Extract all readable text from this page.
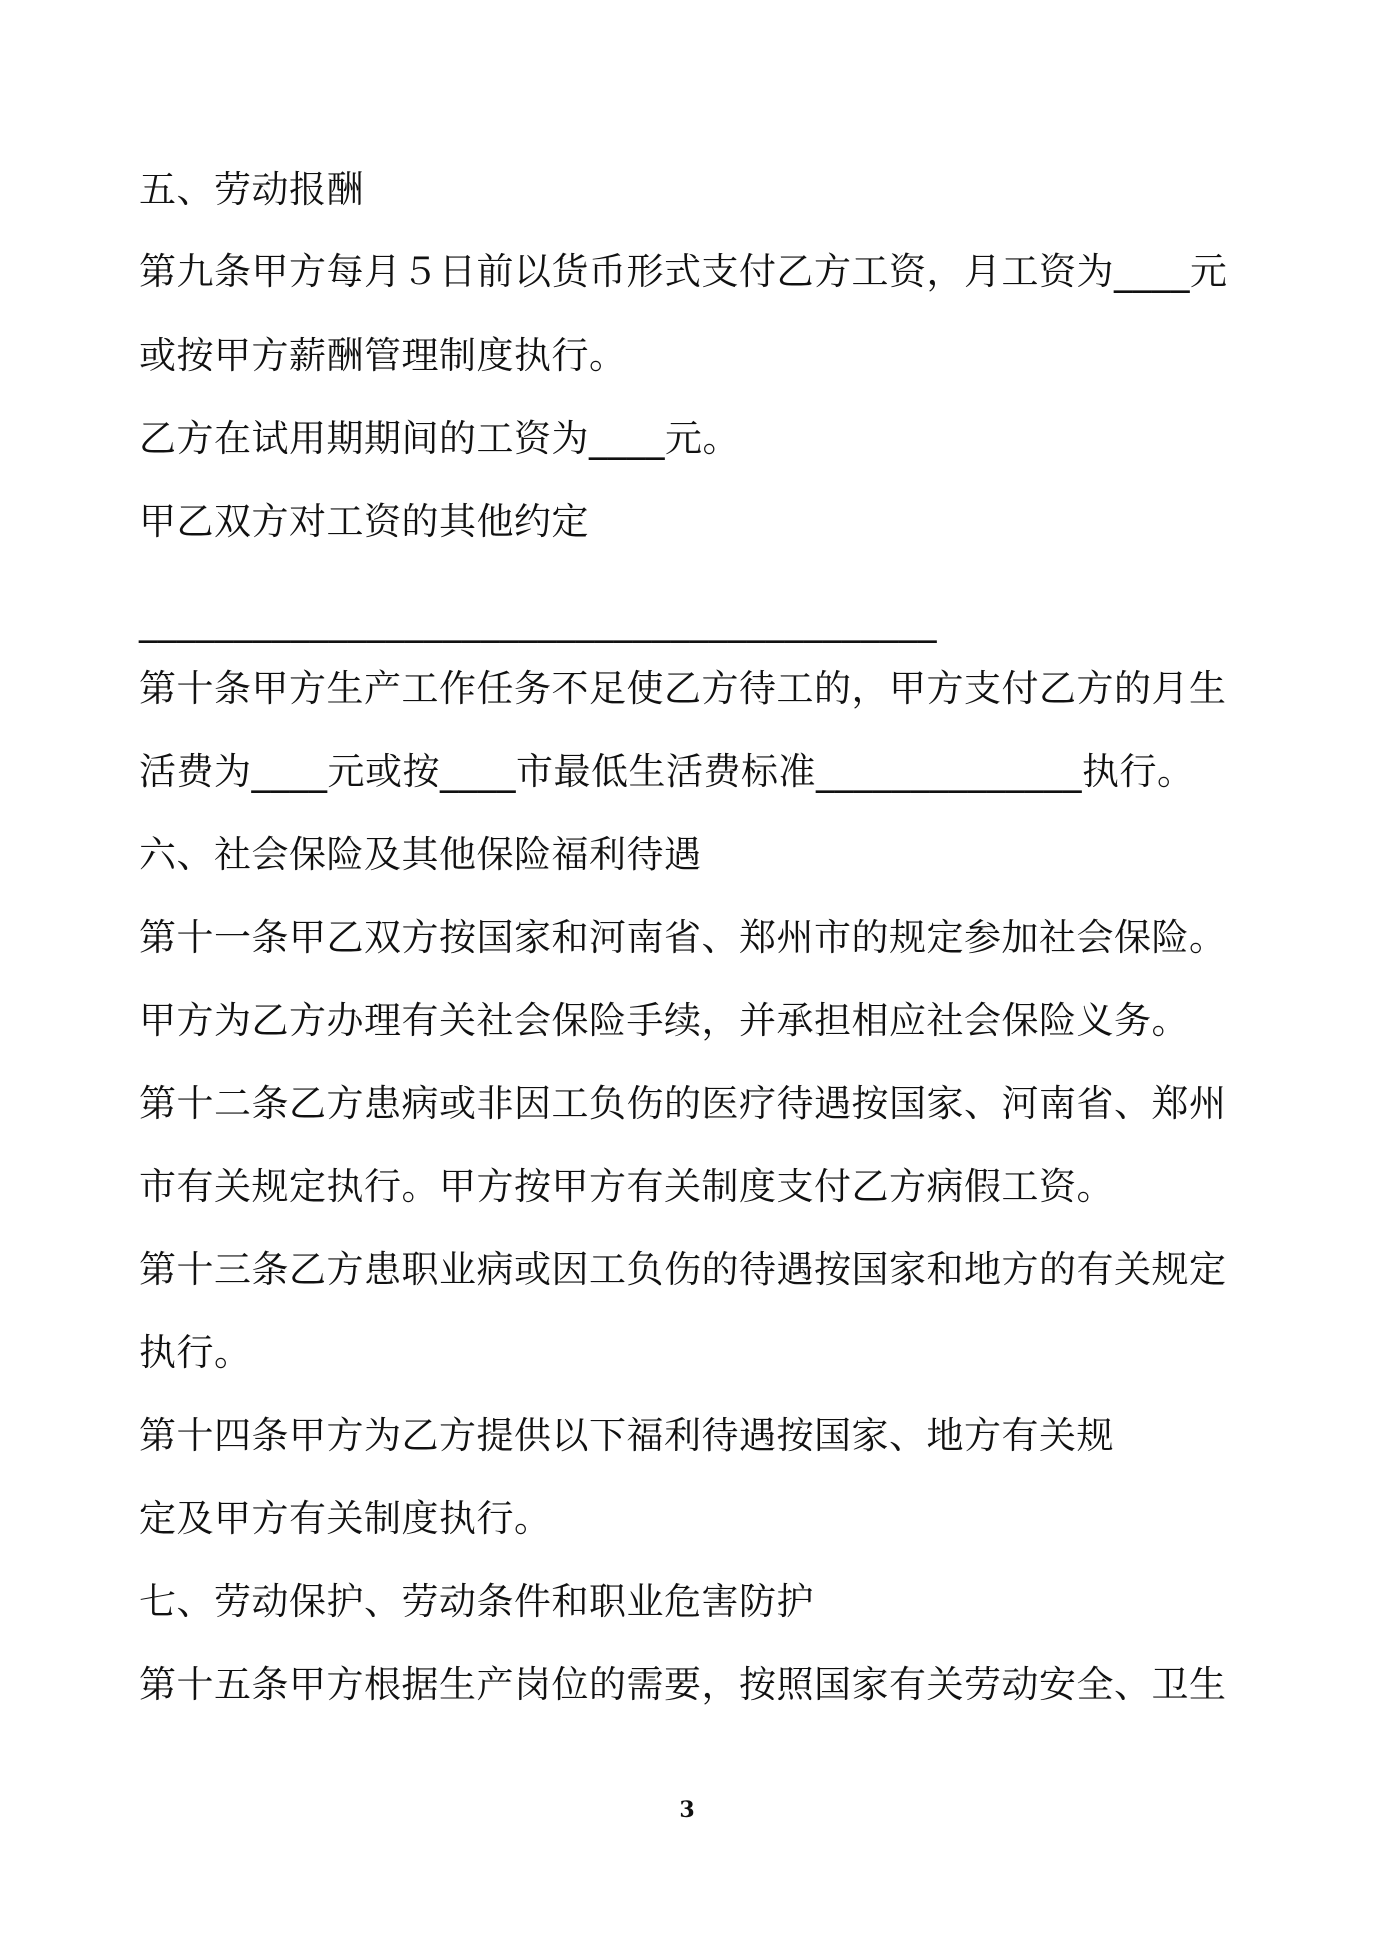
五、劳动报酬
第九条甲方每月５日前以货币形式支付乙方工资，月工资为____元
或按甲方薪酬管理制度执行。
乙方在试用期期间的工资为____元。
甲乙双方对工资的其他约定
__________________________________________
第十条甲方生产工作任务不足使乙方待工的，甲方支付乙方的月生
活费为____元或按____市最低生活费标准______________执行。
六、社会保险及其他保险福利待遇
第十一条甲乙双方按国家和河南省、郑州市的规定参加社会保险。
甲方为乙方办理有关社会保险手续，并承担相应社会保险义务。
第十二条乙方患病或非因工负伤的医疗待遇按国家、河南省、郑州
市有关规定执行。甲方按甲方有关制度支付乙方病假工资。
第十三条乙方患职业病或因工负伤的待遇按国家和地方的有关规定
执行。
第十四条甲方为乙方提供以下福利待遇按国家、地方有关规
定及甲方有关制度执行。
七、劳动保护、劳动条件和职业危害防护
第十五条甲方根据生产岗位的需要，按照国家有关劳动安全、卫生
3
